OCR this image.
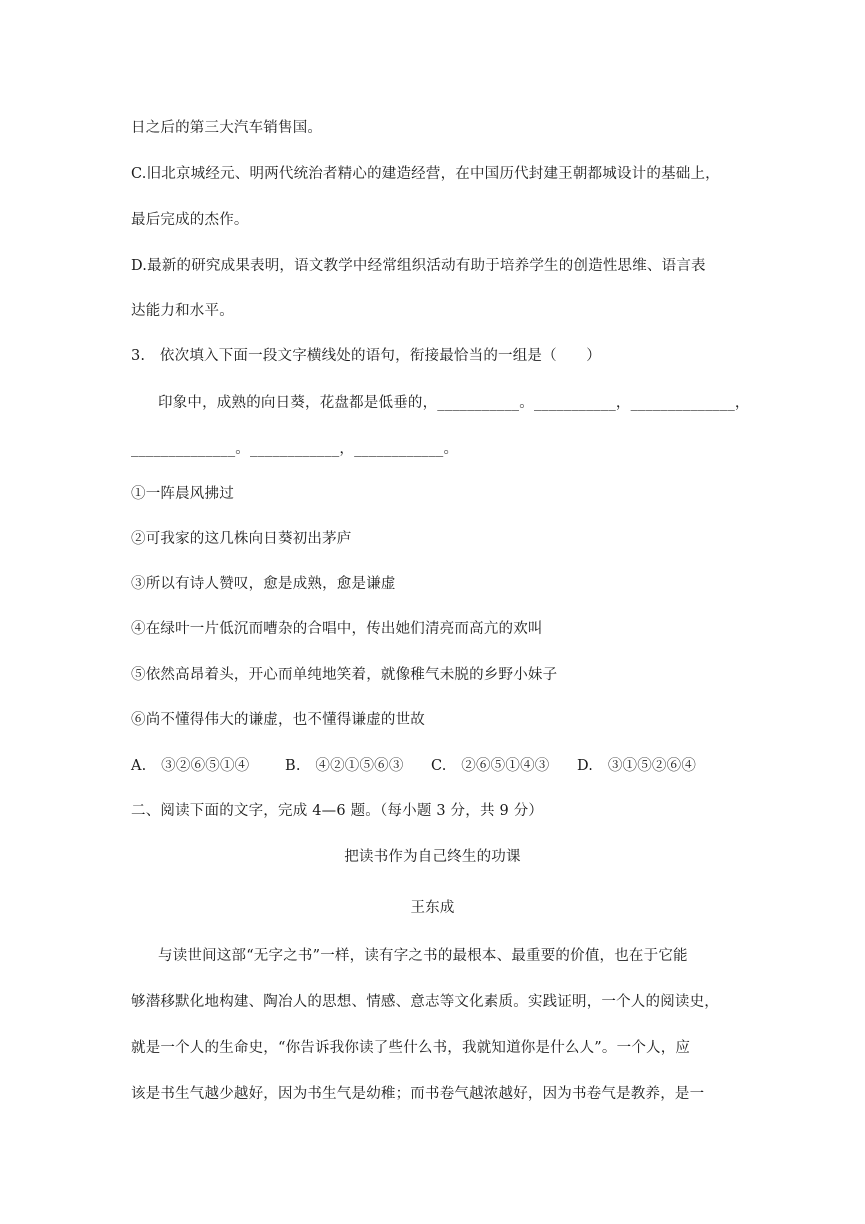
日之后的第三大汽车销售国。
C.旧北京城经元、明两代统治者精心的建造经营，在中国历代封建王朝都城设计的基础上，
最后完成的杰作。
D.最新的研究成果表明，语文教学中经常组织活动有助于培养学生的创造性思维、语言表
达能力和水平。
3.　依次填入下面一段文字横线处的语句，衔接最恰当的一组是（　　）
印象中，成熟的向日葵，花盘都是低垂的，___________。___________，______________，
______________。____________，____________。
①一阵晨风拂过
②可我家的这几株向日葵初出茅庐
③所以有诗人赞叹，愈是成熟，愈是谦虚
④在绿叶一片低沉而嘈杂的合唱中，传出她们清亮而高亢的欢叫
⑤依然高昂着头，开心而单纯地笑着，就像稚气未脱的乡野小妹子
⑥尚不懂得伟大的谦虚，也不懂得谦虚的世故
A.　③②⑥⑤①④ B.　④②①⑤⑥③ C.　②⑥⑤①④③ D.　③①⑤②⑥④
二、阅读下面的文字，完成 4—6 题。（每小题 3 分，共 9 分）
把读书作为自己终生的功课
王东成
与读世间这部“无字之书”一样，读有字之书的最根本、最重要的价值，也在于它能
够潜移默化地构建、陶冶人的思想、情感、意志等文化素质。实践证明，一个人的阅读史，
就是一个人的生命史，“你告诉我你读了些什么书，我就知道你是什么人”。一个人，应
该是书生气越少越好，因为书生气是幼稚；而书卷气越浓越好，因为书卷气是教养，是一
